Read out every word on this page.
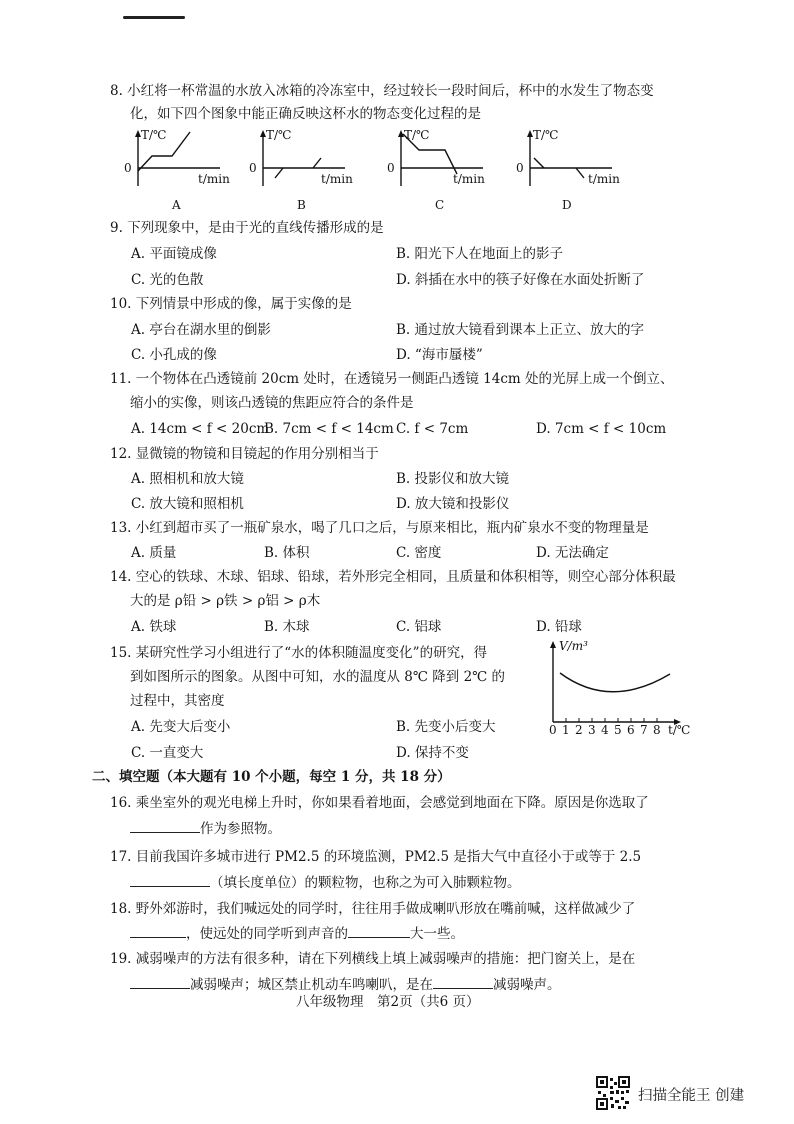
8. 小红将一杯常温的水放入冰箱的冷冻室中，经过较长一段时间后，杯中的水发生了物态变
化，如下四个图象中能正确反映这杯水的物态变化过程的是
T/℃
0
t/min
A
T/℃
0
t/min
B
T/℃
0
t/min
C
T/℃
0
t/min
D
9. 下列现象中，是由于光的直线传播形成的是
A. 平面镜成像	B. 阳光下人在地面上的影子
C. 光的色散	D. 斜插在水中的筷子好像在水面处折断了
10. 下列情景中形成的像，属于实像的是
A. 亭台在湖水里的倒影	B. 通过放大镜看到课本上正立、放大的字
C. 小孔成的像	D. “海市蜃楼”
11. 一个物体在凸透镜前 20cm 处时，在透镜另一侧距凸透镜 14cm 处的光屏上成一个倒立、
缩小的实像，则该凸透镜的焦距应符合的条件是
A. 14cm < f < 20cm
B. 7cm < f < 14cm C. f < 7cm	D. 7cm < f < 10cm
12. 显微镜的物镜和目镜起的作用分别相当于
A. 照相机和放大镜	B. 投影仪和放大镜
C. 放大镜和照相机	D. 放大镜和投影仪
13. 小红到超市买了一瓶矿泉水，喝了几口之后，与原来相比，瓶内矿泉水不变的物理量是
A. 质量	B. 体积	C. 密度	D. 无法确定
14. 空心的铁球、木球、铝球、铅球，若外形完全相同，且质量和体积相等，则空心部分体积最
大的是 ρ铅 > ρ铁 > ρ铝 > ρ木
A. 铁球	B. 木球	C. 铝球	D. 铅球
15. 某研究性学习小组进行了“水的体积随温度变化”的研究，得
到如图所示的图象。从图中可知，水的温度从 8℃ 降到 2℃ 的
过程中，其密度
A. 先变大后变小	B. 先变小后变大
C. 一直变大	D. 保持不变
V/m³
0 1 2 3 4 5 6 7 8 t/℃
二、填空题（本大题有 10 个小题，每空 1 分，共 18 分）
16. 乘坐室外的观光电梯上升时，你如果看着地面，会感觉到地面在下降。原因是你选取了
作为参照物。
17. 目前我国许多城市进行 PM2.5 的环境监测，PM2.5 是指大气中直径小于或等于 2.5
（填长度单位）的颗粒物，也称之为可入肺颗粒物。
18. 野外郊游时，我们喊远处的同学时，往往用手做成喇叭形放在嘴前喊，这样做减少了
，使远处的同学听到声音的	大一些。
19. 减弱噪声的方法有很多种，请在下列横线上填上减弱噪声的措施：把门窗关上，是在
减弱噪声；城区禁止机动车鸣喇叭，是在	减弱噪声。
八年级物理　第2页（共6 页）
扫描全能王 创建
